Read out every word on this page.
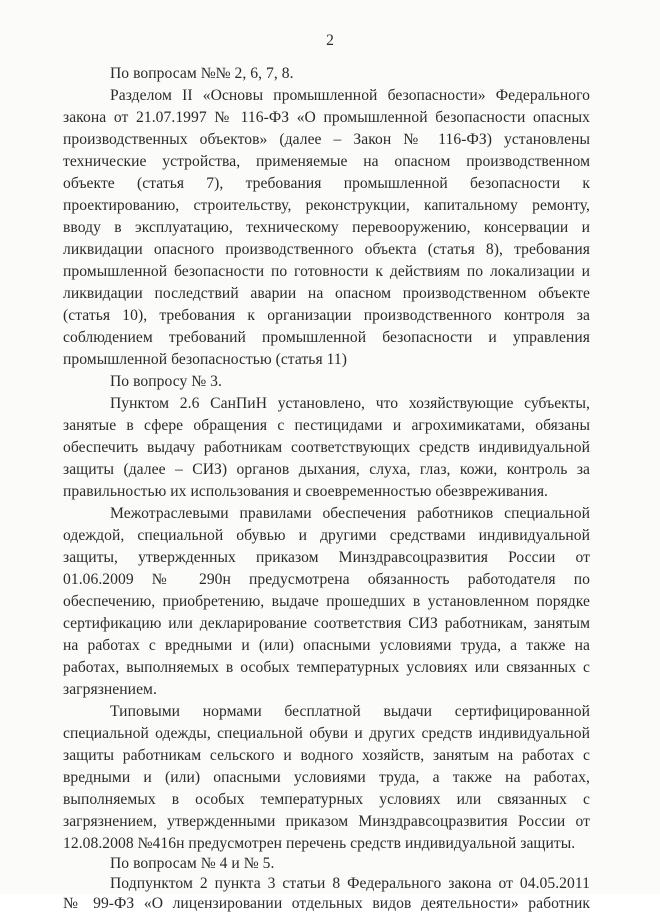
2
По вопросам №№ 2, 6, 7, 8.
Разделом II «Основы промышленной безопасности» Федерального
закона от 21.07.1997 № 116-ФЗ «О промышленной безопасности опасных
производственных объектов» (далее – Закон № 116-ФЗ) установлены
технические устройства, применяемые на опасном производственном
объекте (статья 7), требования промышленной безопасности к
проектированию, строительству, реконструкции, капитальному ремонту,
вводу в эксплуатацию, техническому перевооружению, консервации и
ликвидации опасного производственного объекта (статья 8), требования
промышленной безопасности по готовности к действиям по локализации и
ликвидации последствий аварии на опасном производственном объекте
(статья 10), требования к организации производственного контроля за
соблюдением требований промышленной безопасности и управления
промышленной безопасностью (статья 11)
По вопросу № 3.
Пунктом 2.6 СанПиН установлено, что хозяйствующие субъекты,
занятые в сфере обращения с пестицидами и агрохимикатами, обязаны
обеспечить выдачу работникам соответствующих средств индивидуальной
защиты (далее – СИЗ) органов дыхания, слуха, глаз, кожи, контроль за
правильностью их использования и своевременностью обезвреживания.
Межотраслевыми правилами обеспечения работников специальной
одеждой, специальной обувью и другими средствами индивидуальной
защиты, утвержденных приказом Минздравсоцразвития России от
01.06.2009 № 290н предусмотрена обязанность работодателя по
обеспечению, приобретению, выдаче прошедших в установленном порядке
сертификацию или декларирование соответствия СИЗ работникам, занятым
на работах с вредными и (или) опасными условиями труда, а также на
работах, выполняемых в особых температурных условиях или связанных с
загрязнением.
Типовыми нормами бесплатной выдачи сертифицированной
специальной одежды, специальной обуви и других средств индивидуальной
защиты работникам сельского и водного хозяйств, занятым на работах с
вредными и (или) опасными условиями труда, а также на работах,
выполняемых в особых температурных условиях или связанных с
загрязнением, утвержденными приказом Минздравсоцразвития России от
12.08.2008 №416н предусмотрен перечень средств индивидуальной защиты.
По вопросам № 4 и № 5.
Подпунктом 2 пункта 3 статьи 8 Федерального закона от 04.05.2011
№ 99-ФЗ «О лицензировании отдельных видов деятельности» работник
